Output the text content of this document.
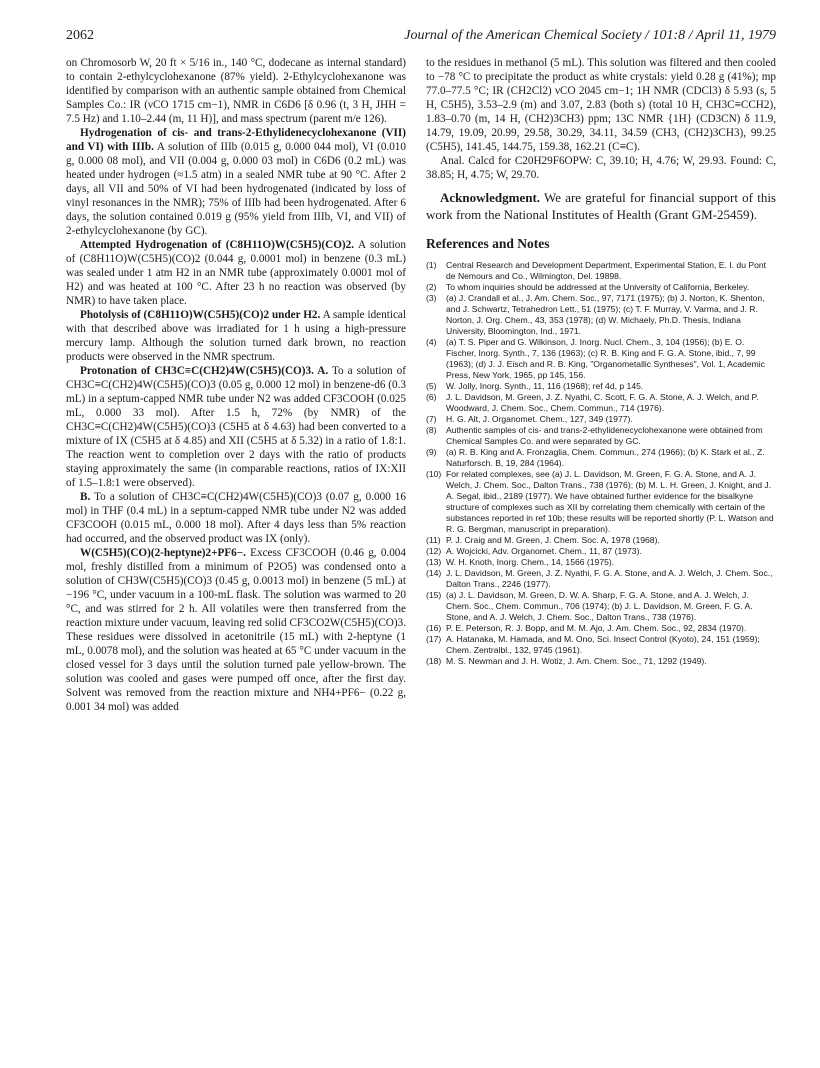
2062	Journal of the American Chemical Society / 101:8 / April 11, 1979

on Chromosorb W, 20 ft × 5/16 in., 140 °C, dodecane as internal standard) to contain 2-ethylcyclohexanone (87% yield). 2-Ethylcyclohexanone was identified by comparison with an authentic sample obtained from Chemical Samples Co.: IR (νCO 1715 cm−1), NMR in C6D6 [δ 0.96 (t, 3 H, JHH = 7.5 Hz) and 1.10–2.44 (m, 11 H)], and mass spectrum (parent m/e 126).

Hydrogenation of cis- and trans-2-Ethylidenecyclohexanone (VII) and VI) with IIIb. A solution of IIIb (0.015 g, 0.000 044 mol), VI (0.010 g, 0.000 08 mol), and VII (0.004 g, 0.000 03 mol) in C6D6 (0.2 mL) was heated under hydrogen (≈1.5 atm) in a sealed NMR tube at 90 °C. After 2 days, all VII and 50% of VI had been hydrogenated (indicated by loss of vinyl resonances in the NMR); 75% of IIIb had been hydrogenated. After 6 days, the solution contained 0.019 g (95% yield from IIIb, VI, and VII) of 2-ethylcyclohexanone (by GC).

Attempted Hydrogenation of (C8H11O)W(C5H5)(CO)2. A solution of (C8H11O)W(C5H5)(CO)2 (0.044 g, 0.0001 mol) in benzene (0.3 mL) was sealed under 1 atm H2 in an NMR tube (approximately 0.0001 mol of H2) and was heated at 100 °C. After 23 h no reaction was observed (by NMR) to have taken place.

Photolysis of (C8H11O)W(C5H5)(CO)2 under H2. A sample identical with that described above was irradiated for 1 h using a high-pressure mercury lamp. Although the solution turned dark brown, no reaction products were observed in the NMR spectrum.

Protonation of CH3C≡C(CH2)4W(C5H5)(CO)3. A. To a solution of CH3C≡C(CH2)4W(C5H5)(CO)3 (0.05 g, 0.000 12 mol) in benzene-d6 (0.3 mL) in a septum-capped NMR tube under N2 was added CF3COOH (0.025 mL, 0.000 33 mol). After 1.5 h, 72% (by NMR) of the CH3C≡C(CH2)4W(C5H5)(CO)3 (C5H5 at δ 4.63) had been converted to a mixture of IX (C5H5 at δ 4.85) and XII (C5H5 at δ 5.32) in a ratio of 1.8:1. The reaction went to completion over 2 days with the ratio of products staying approximately the same (in comparable reactions, ratios of IX:XII of 1.5–1.8:1 were observed).

B. To a solution of CH3C≡C(CH2)4W(C5H5)(CO)3 (0.07 g, 0.000 16 mol) in THF (0.4 mL) in a septum-capped NMR tube under N2 was added CF3COOH (0.015 mL, 0.000 18 mol). After 4 days less than 5% reaction had occurred, and the observed product was IX (only).

W(C5H5)(CO)(2-heptyne)2+PF6−. Excess CF3COOH (0.46 g, 0.004 mol, freshly distilled from a minimum of P2O5) was condensed onto a solution of CH3W(C5H5)(CO)3 (0.45 g, 0.0013 mol) in benzene (5 mL) at −196 °C, under vacuum in a 100-mL flask. The solution was warmed to 20 °C, and was stirred for 2 h. All volatiles were then transferred from the reaction mixture under vacuum, leaving red solid CF3CO2W(C5H5)(CO)3. These residues were dissolved in acetonitrile (15 mL) with 2-heptyne (1 mL, 0.0078 mol), and the solution was heated at 65 °C under vacuum in the closed vessel for 3 days until the solution turned pale yellow-brown. The solution was cooled and gases were pumped off once, after the first day. Solvent was removed from the reaction mixture and NH4+PF6− (0.22 g, 0.001 34 mol) was added

to the residues in methanol (5 mL). This solution was filtered and then cooled to −78 °C to precipitate the product as white crystals: yield 0.28 g (41%); mp 77.0–77.5 °C; IR (CH2Cl2) νCO 2045 cm−1; 1H NMR (CDCl3) δ 5.93 (s, 5 H, C5H5), 3.53–2.9 (m) and 3.07, 2.83 (both s) (total 10 H, CH3C≡CCH2), 1.83–0.70 (m, 14 H, (CH2)3CH3) ppm; 13C NMR {1H} (CD3CN) δ 11.9, 14.79, 19.09, 20.99, 29.58, 30.29, 34.11, 34.59 (CH3, (CH2)3CH3), 99.25 (C5H5), 141.45, 144.75, 159.38, 162.21 (C≡C).

Anal. Calcd for C20H29F6OPW: C, 39.10; H, 4.76; W, 29.93. Found: C, 38.85; H, 4.75; W, 29.70.

Acknowledgment. We are grateful for financial support of this work from the National Institutes of Health (Grant GM-25459).

References and Notes
(1)	Central Research and Development Department, Experimental Station, E. I. du Pont de Nemours and Co., Wilmington, Del. 19898.
(2)	To whom inquiries should be addressed at the University of California, Berkeley.
(3)	(a) J. Crandall et al., J. Am. Chem. Soc., 97, 7171 (1975); (b) J. Norton, K. Shenton, and J. Schwartz, Tetrahedron Lett., 51 (1975); (c) T. F. Murray, V. Varma, and J. R. Norton, J. Org. Chem., 43, 353 (1978); (d) W. Michaely, Ph.D. Thesis, Indiana University, Bloomington, Ind., 1971.
(4)	(a) T. S. Piper and G. Wilkinson, J. Inorg. Nucl. Chem., 3, 104 (1956); (b) E. O. Fischer, Inorg. Synth., 7, 136 (1963); (c) R. B. King and F. G. A. Stone, ibid., 7, 99 (1963); (d) J. J. Eisch and R. B. King, "Organometallic Syntheses", Vol. 1, Academic Press, New York, 1965, pp 145, 156.
(5)	W. Jolly, Inorg. Synth., 11, 116 (1968); ref 4d, p 145.
(6)	J. L. Davidson, M. Green, J. Z. Nyathi, C. Scott, F. G. A. Stone, A. J. Welch, and P. Woodward, J. Chem. Soc., Chem. Commun., 714 (1976).
(7)	H. G. Alt, J. Organomet. Chem., 127, 349 (1977).
(8)	Authentic samples of cis- and trans-2-ethylidenecyclohexanone were obtained from Chemical Samples Co. and were separated by GC.
(9)	(a) R. B. King and A. Fronzaglia, Chem. Commun., 274 (1966); (b) K. Stark et al., Z. Naturforsch. B, 19, 284 (1964).
(10) For related complexes, see (a) J. L. Davidson, M. Green, F. G. A. Stone, and A. J. Welch, J. Chem. Soc., Dalton Trans., 738 (1976); (b) M. L. H. Green, J. Knight, and J. A. Segal, ibid., 2189 (1977). We have obtained further evidence for the bisalkyne structure of complexes such as XII by correlating them chemically with certain of the substances reported in ref 10b; these results will be reported shortly (P. L. Watson and R. G. Bergman, manuscript in preparation).
(11) P. J. Craig and M. Green, J. Chem. Soc. A, 1978 (1968).
(12) A. Wojcicki, Adv. Organomet. Chem., 11, 87 (1973).
(13) W. H. Knoth, Inorg. Chem., 14, 1566 (1975).
(14) J. L. Davidson, M. Green, J. Z. Nyathi, F. G. A. Stone, and A. J. Welch, J. Chem. Soc., Dalton Trans., 2246 (1977).
(15) (a) J. L. Davidson, M. Green, D. W. A. Sharp, F. G. A. Stone, and A. J. Welch, J. Chem. Soc., Chem. Commun., 706 (1974); (b) J. L. Davidson, M. Green, F. G. A. Stone, and A. J. Welch, J. Chem. Soc., Dalton Trans., 738 (1976).
(16) P. E. Peterson, R. J. Bopp, and M. M. Ajo, J. Am. Chem. Soc., 92, 2834 (1970).
(17) A. Hatanaka, M. Hamada, and M. Ono, Sci. Insect Control (Kyoto), 24, 151 (1959); Chem. Zentralbl., 132, 9745 (1961).
(18) M. S. Newman and J. H. Wotiz, J. Am. Chem. Soc., 71, 1292 (1949).
